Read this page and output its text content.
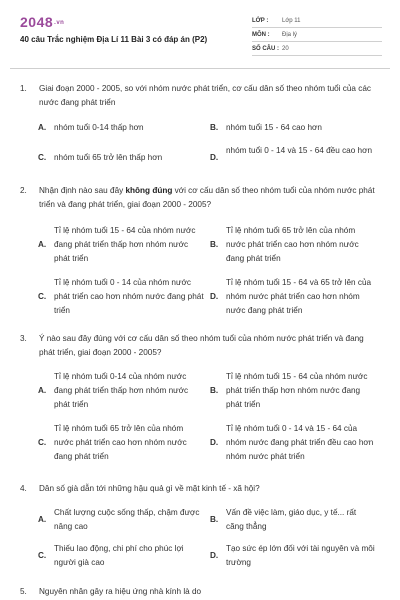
2048.vn
40 câu Trắc nghiệm Địa Lí 11 Bài 3 có đáp án (P2)
LỚP :	Lớp 11
MÔN :	Địa lý
SỐ CÂU : 20
1. Giai đoạn 2000 - 2005, so với nhóm nước phát triển, cơ cấu dân số theo nhóm tuổi của các nước đang phát triển
A. nhóm tuổi 0-14 thấp hơn	B. nhóm tuổi 15 - 64 cao hơn
C. nhóm tuổi 65 trở lên thấp hơn	D.
nhóm tuổi 0 - 14 và 15 - 64 đều cao hơn
2. Nhận định nào sau đây không đúng với cơ cấu dân số theo nhóm tuổi của nhóm nước phát triển và đang phát triển, giai đoạn 2000 - 2005?
A.
Tỉ lệ nhóm tuổi 15 - 64 của nhóm nước đang phát triển thấp hơn nhóm nước phát triển
B.
Tỉ lệ nhóm tuổi 65 trở lên của nhóm nước phát triển cao hơn nhóm nước đang phát triển
C.
Tỉ lệ nhóm tuổi 0 - 14 của nhóm nước phát triển cao hơn nhóm nước đang phát triển
D.
Tỉ lệ nhóm tuổi 15 - 64 và 65 trở lên của nhóm nước phát triển cao hơn nhóm nước đang phát triển
3. Ý nào sau đây đúng với cơ cấu dân số theo nhóm tuổi của nhóm nước phát triển và đang phát triển, giai đoạn 2000 - 2005?
A.
Tỉ lệ nhóm tuổi 0-14 của nhóm nước đang phát triển thấp hơn nhóm nước phát triển
B.
Tỉ lệ nhóm tuổi 15 - 64 của nhóm nước phát triển thấp hơn nhóm nước đang phát triển
C.
Tỉ lệ nhóm tuổi 65 trở lên của nhóm nước phát triển cao hơn nhóm nước đang phát triển
D.
Tỉ lệ nhóm tuổi 0 - 14 và 15 - 64 của nhóm nước đang phát triển đều cao hơn nhóm nước phát triển
4. Dân số già dẫn tới những hậu quả gì về mặt kinh tế - xã hội?
A.
Chất lượng cuộc sống thấp, chậm được nâng cao
B.
Vấn đề việc làm, giáo dục, y tế... rất căng thẳng
C.
Thiếu lao động, chi phí cho phúc lợi người già cao
D.
Tạo sức ép lớn đối với tài nguyên và môi trường
5. Nguyên nhân gây ra hiệu ứng nhà kính là do
